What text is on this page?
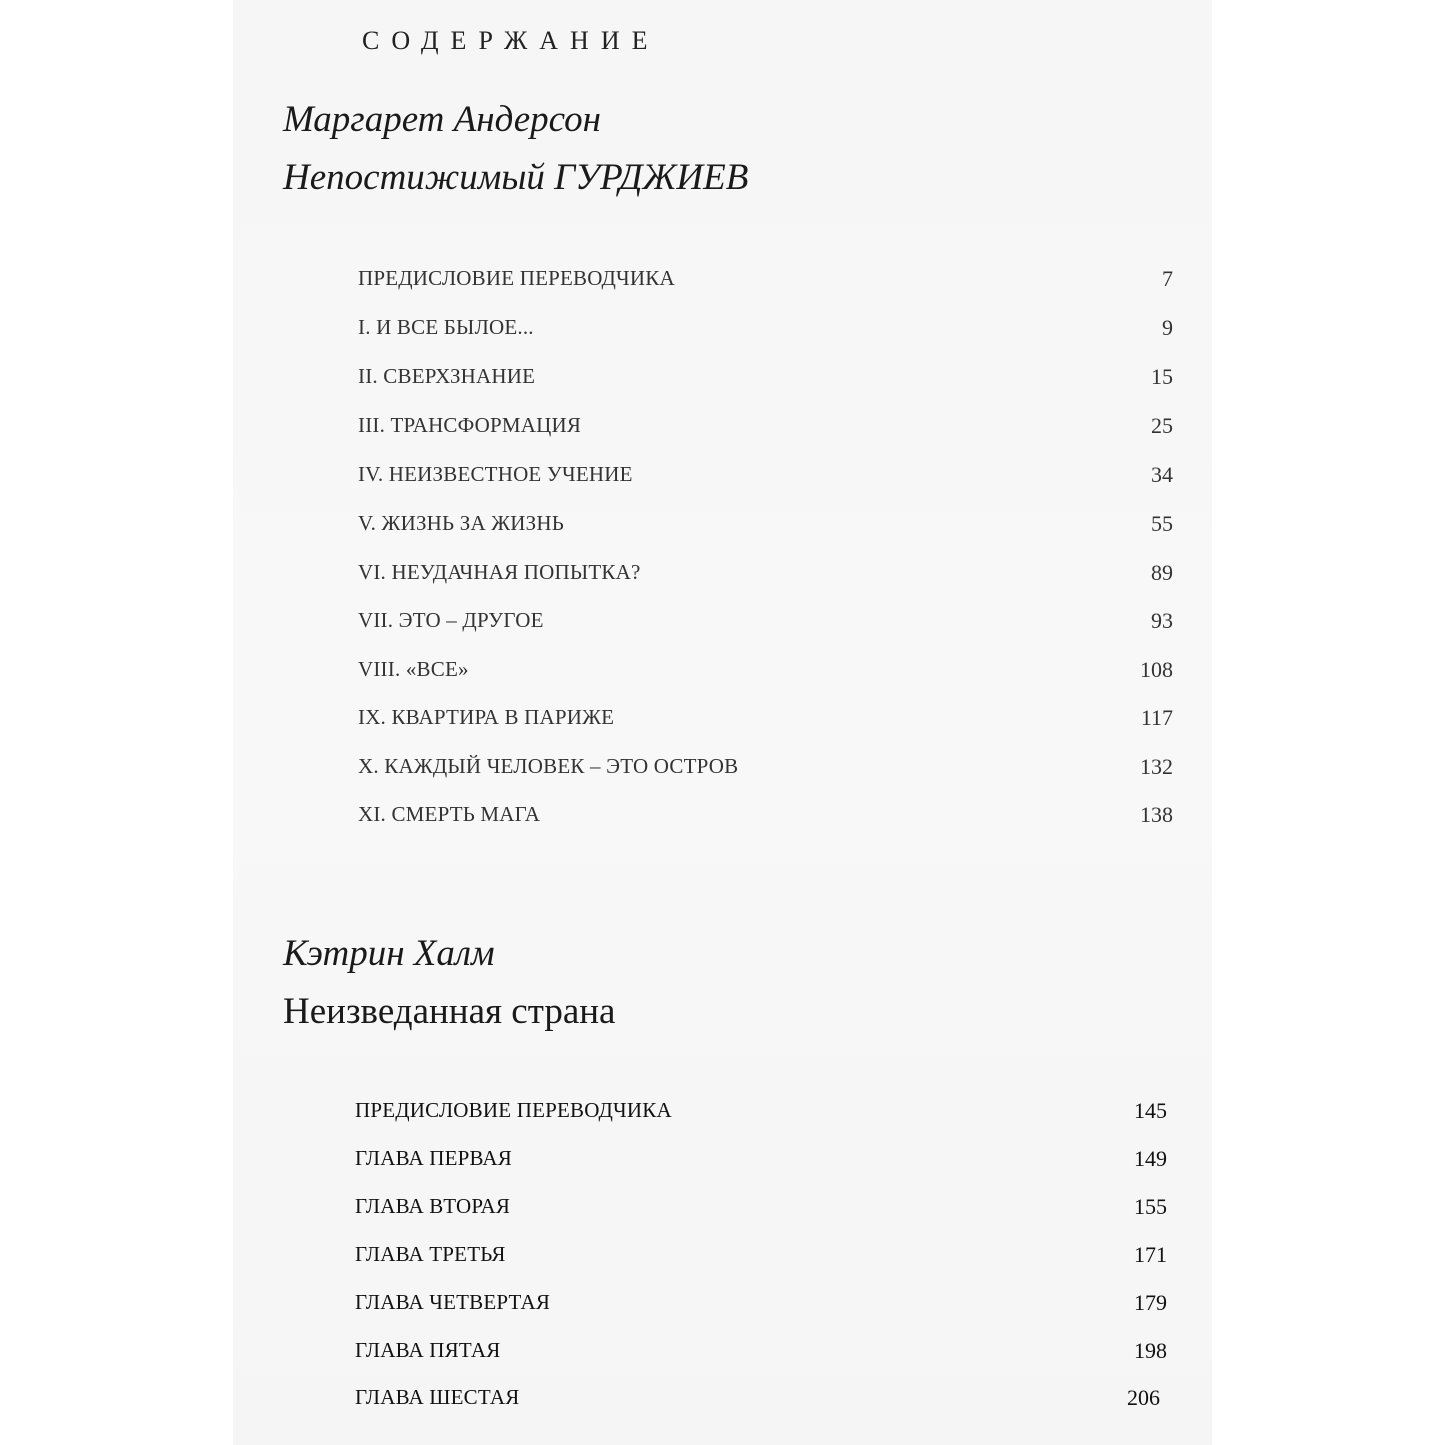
СОДЕРЖАНИЕ
Маргарет Андерсон
Непостижимый ГУРДЖИЕВ
ПРЕДИСЛОВИЕ ПЕРЕВОДЧИКА	7
I. И ВСЕ БЫЛОЕ...	9
II. СВЕРХЗНАНИЕ	15
III. ТРАНСФОРМАЦИЯ	25
IV. НЕИЗВЕСТНОЕ УЧЕНИЕ	34
V. ЖИЗНЬ ЗА ЖИЗНЬ	55
VI. НЕУДАЧНАЯ ПОПЫТКА?	89
VII. ЭТО – ДРУГОЕ	93
VIII. «ВСЕ»	108
IX. КВАРТИРА В ПАРИЖЕ	117
X. КАЖДЫЙ ЧЕЛОВЕК – ЭТО ОСТРОВ	132
XI. СМЕРТЬ МАГА	138
Кэтрин Халм
Неизведанная страна
ПРЕДИСЛОВИЕ ПЕРЕВОДЧИКА	145
ГЛАВА ПЕРВАЯ	149
ГЛАВА ВТОРАЯ	155
ГЛАВА ТРЕТЬЯ	171
ГЛАВА ЧЕТВЕРТАЯ	179
ГЛАВА ПЯТАЯ	198
ГЛАВА ШЕСТАЯ	206
